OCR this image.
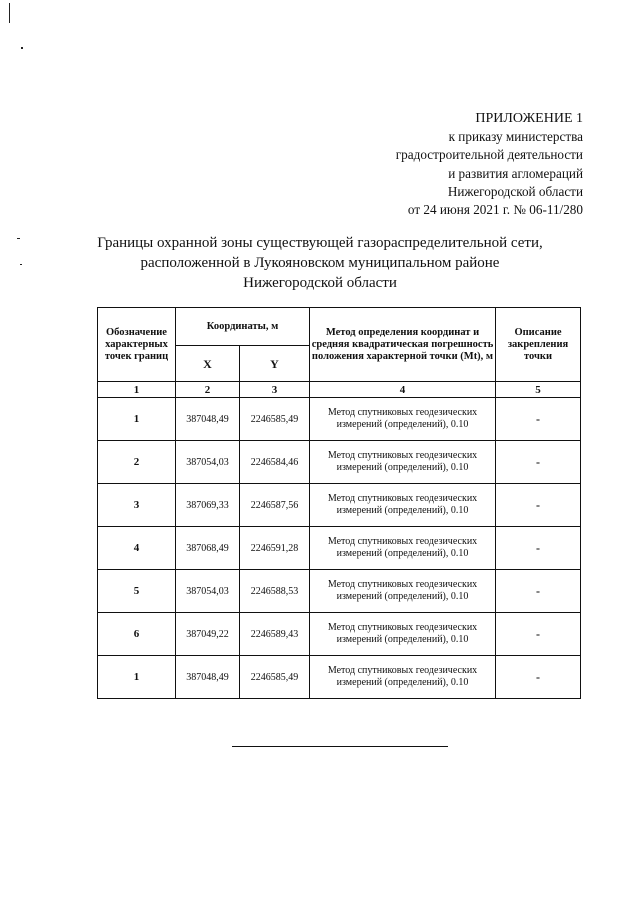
ПРИЛОЖЕНИЕ 1
к приказу министерства
градостроительной деятельности
и развития агломераций
Нижегородской области
от 24 июня 2021 г. № 06-11/280
Границы охранной зоны существующей газораспределительной сети,
расположенной в Лукояновском муниципальном районе
Нижегородской области
Обозначение характерных точек границ	Координаты, м		Метод определения координат и средняя квадратическая погрешность положения характерной точки (Mt), м	Описание закрепления точки
	X	Y		
1	2	3	4	5
1	387048,49	2246585,49	Метод спутниковых геодезических измерений (определений), 0.10	-
2	387054,03	2246584,46	Метод спутниковых геодезических измерений (определений), 0.10	-
3	387069,33	2246587,56	Метод спутниковых геодезических измерений (определений), 0.10	-
4	387068,49	2246591,28	Метод спутниковых геодезических измерений (определений), 0.10	-
5	387054,03	2246588,53	Метод спутниковых геодезических измерений (определений), 0.10	-
6	387049,22	2246589,43	Метод спутниковых геодезических измерений (определений), 0.10	-
1	387048,49	2246585,49	Метод спутниковых геодезических измерений (определений), 0.10	-
